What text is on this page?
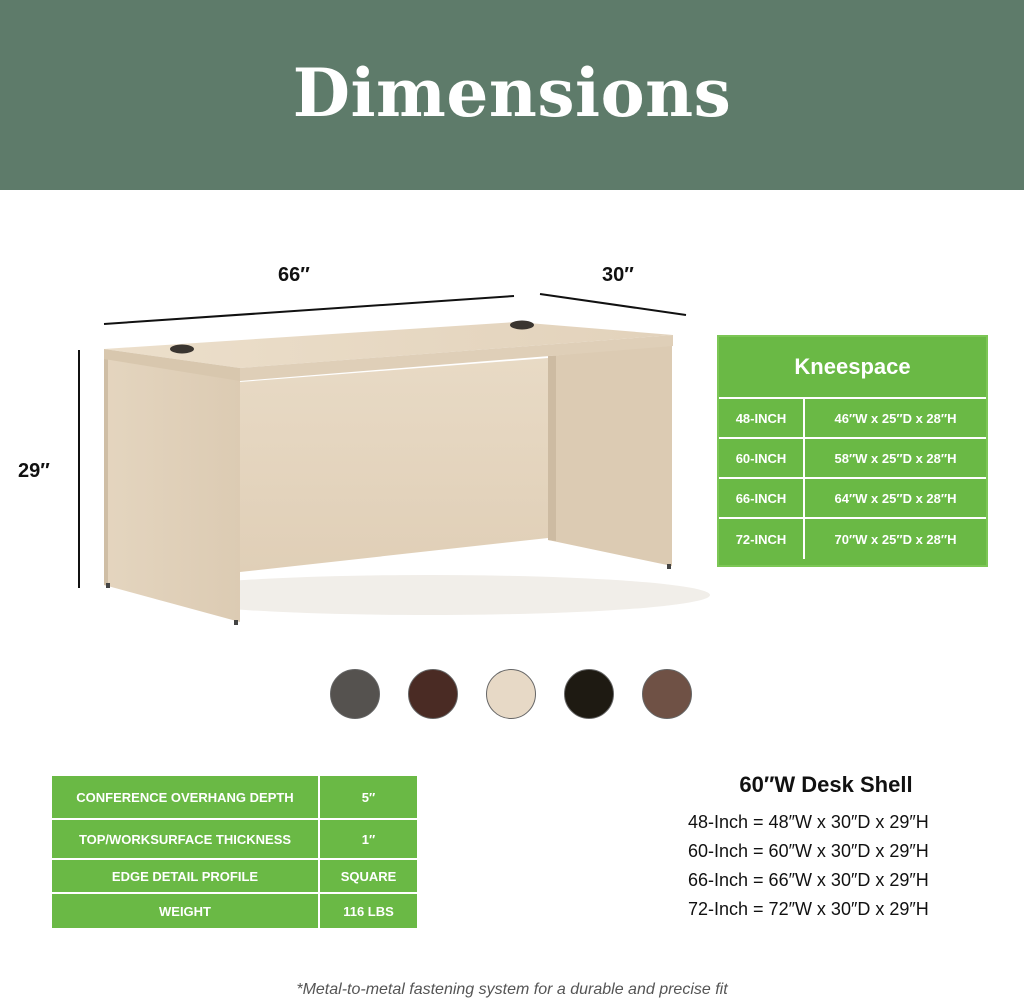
Dimensions
66″	30″
29″
Kneespace
48-INCH	46″W x 25″D x 28″H
60-INCH	58″W x 25″D x 28″H
66-INCH	64″W x 25″D x 28″H
72-INCH	70″W x 25″D x 28″H
CONFERENCE OVERHANG DEPTH	5″
TOP/WORKSURFACE THICKNESS	1″
EDGE DETAIL PROFILE	SQUARE
WEIGHT	116 LBS
60″W Desk Shell
48-Inch = 48″W x 30″D x 29″H
60-Inch = 60″W x 30″D x 29″H
66-Inch = 66″W x 30″D x 29″H
72-Inch = 72″W x 30″D x 29″H
*Metal-to-metal fastening system for a durable and precise fit
